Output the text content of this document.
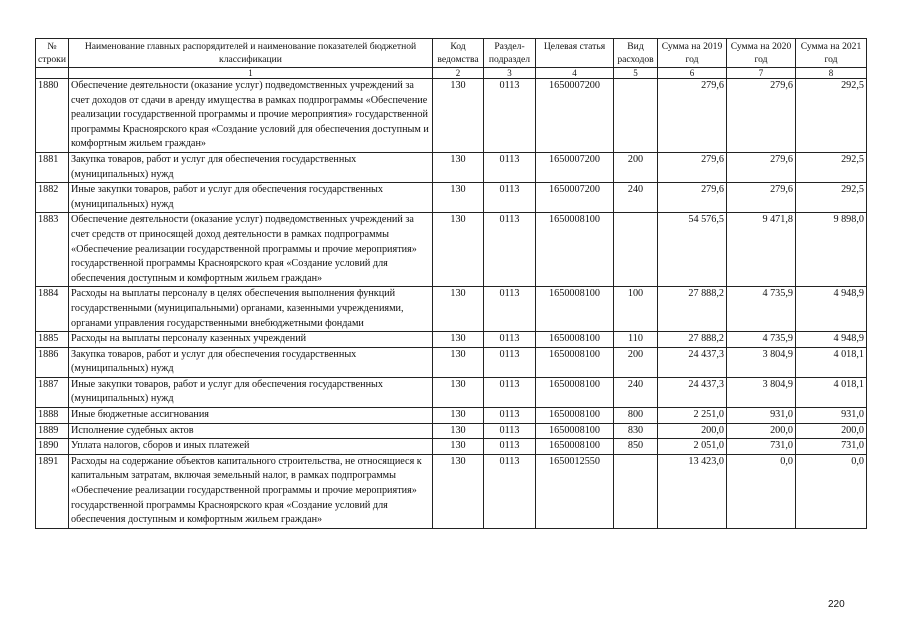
№ строки	Наименование главных распорядителей и наименование показателей бюджетной классификации	Код ведомства	Раздел-подраздел	Целевая статья	Вид расходов	Сумма на 2019 год	Сумма на 2020 год	Сумма на 2021 год
	1	2	3	4	5	6	7	8
1880	Обеспечение деятельности (оказание услуг) подведомственных учреждений за счет доходов от сдачи в аренду имущества в рамках подпрограммы «Обеспечение реализации государственной программы и прочие мероприятия» государственной программы Красноярского края «Создание условий для обеспечения доступным и комфортным жильем граждан»	130	0113	1650007200		279,6	279,6	292,5
1881	Закупка товаров, работ и услуг для обеспечения государственных (муниципальных) нужд	130	0113	1650007200	200	279,6	279,6	292,5
1882	Иные закупки товаров, работ и услуг для обеспечения государственных (муниципальных) нужд	130	0113	1650007200	240	279,6	279,6	292,5
1883	Обеспечение деятельности (оказание услуг) подведомственных учреждений за счет средств от приносящей доход деятельности в рамках подпрограммы «Обеспечение реализации государственной программы и прочие мероприятия» государственной программы Красноярского края «Создание условий для обеспечения доступным и комфортным жильем граждан»	130	0113	1650008100		54 576,5	9 471,8	9 898,0
1884	Расходы на выплаты персоналу в целях обеспечения выполнения функций государственными (муниципальными) органами, казенными учреждениями, органами управления государственными внебюджетными фондами	130	0113	1650008100	100	27 888,2	4 735,9	4 948,9
1885	Расходы на выплаты персоналу казенных учреждений	130	0113	1650008100	110	27 888,2	4 735,9	4 948,9
1886	Закупка товаров, работ и услуг для обеспечения государственных (муниципальных) нужд	130	0113	1650008100	200	24 437,3	3 804,9	4 018,1
1887	Иные закупки товаров, работ и услуг для обеспечения государственных (муниципальных) нужд	130	0113	1650008100	240	24 437,3	3 804,9	4 018,1
1888	Иные бюджетные ассигнования	130	0113	1650008100	800	2 251,0	931,0	931,0
1889	Исполнение судебных актов	130	0113	1650008100	830	200,0	200,0	200,0
1890	Уплата налогов, сборов и иных платежей	130	0113	1650008100	850	2 051,0	731,0	731,0
1891	Расходы на содержание объектов капитального строительства, не относящиеся к капитальным затратам, включая земельный налог, в рамках подпрограммы «Обеспечение реализации государственной программы и прочие мероприятия» государственной программы Красноярского края «Создание условий для обеспечения доступным и комфортным жильем граждан»	130	0113	1650012550		13 423,0	0,0	0,0
220
